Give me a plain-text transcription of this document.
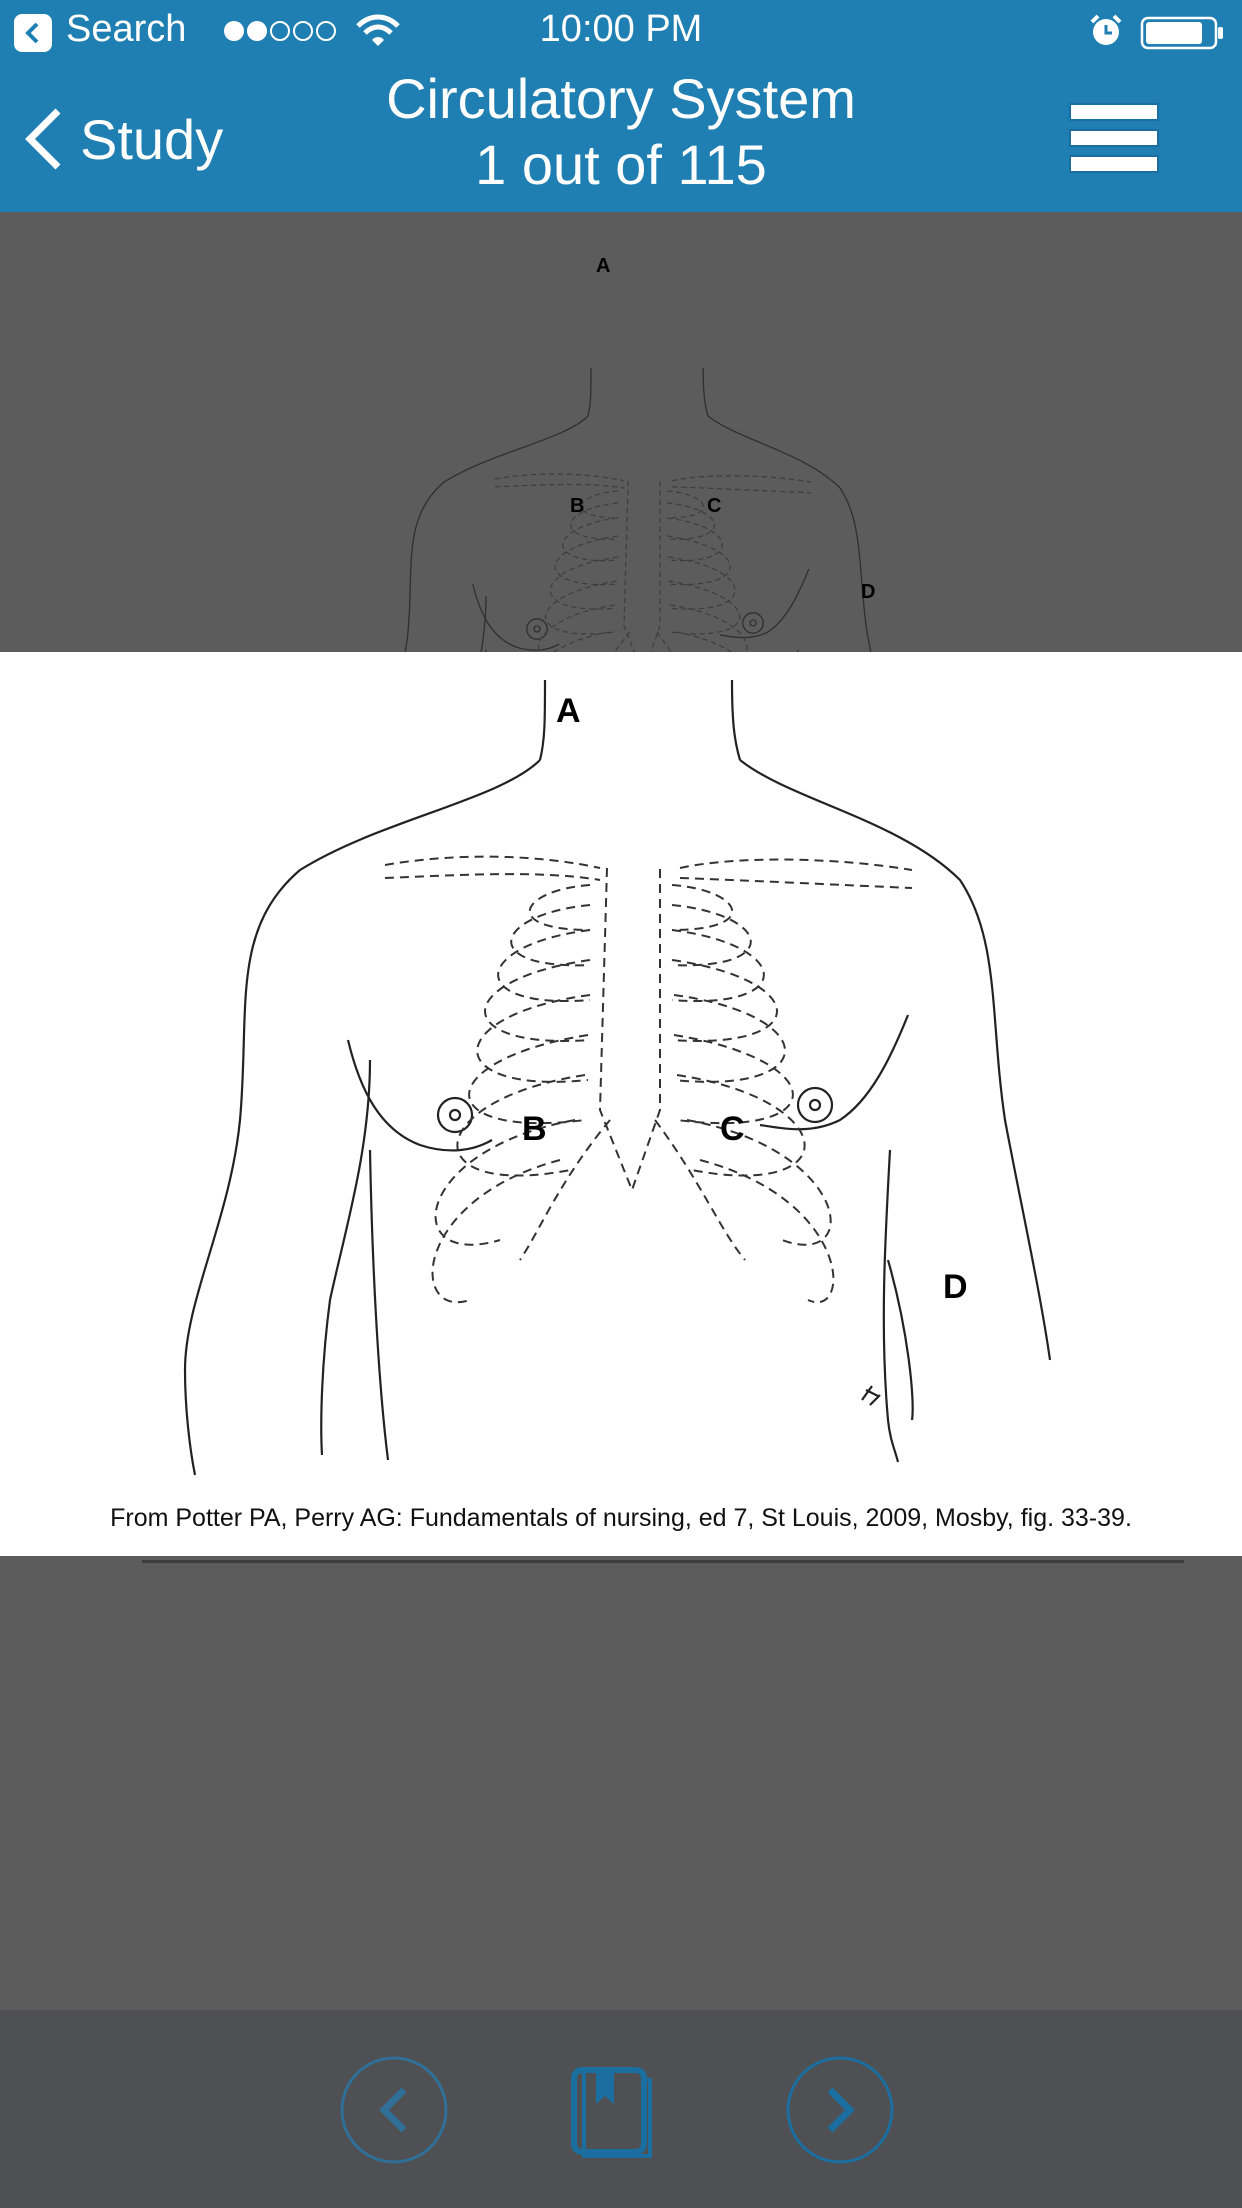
Search	10:00 PM
Study
Circulatory System
1 out of 115
A
B	C
D
A
B	C
D
From Potter PA, Perry AG: Fundamentals of nursing, ed 7, St Louis, 2009, Mosby, fig. 33-39.
